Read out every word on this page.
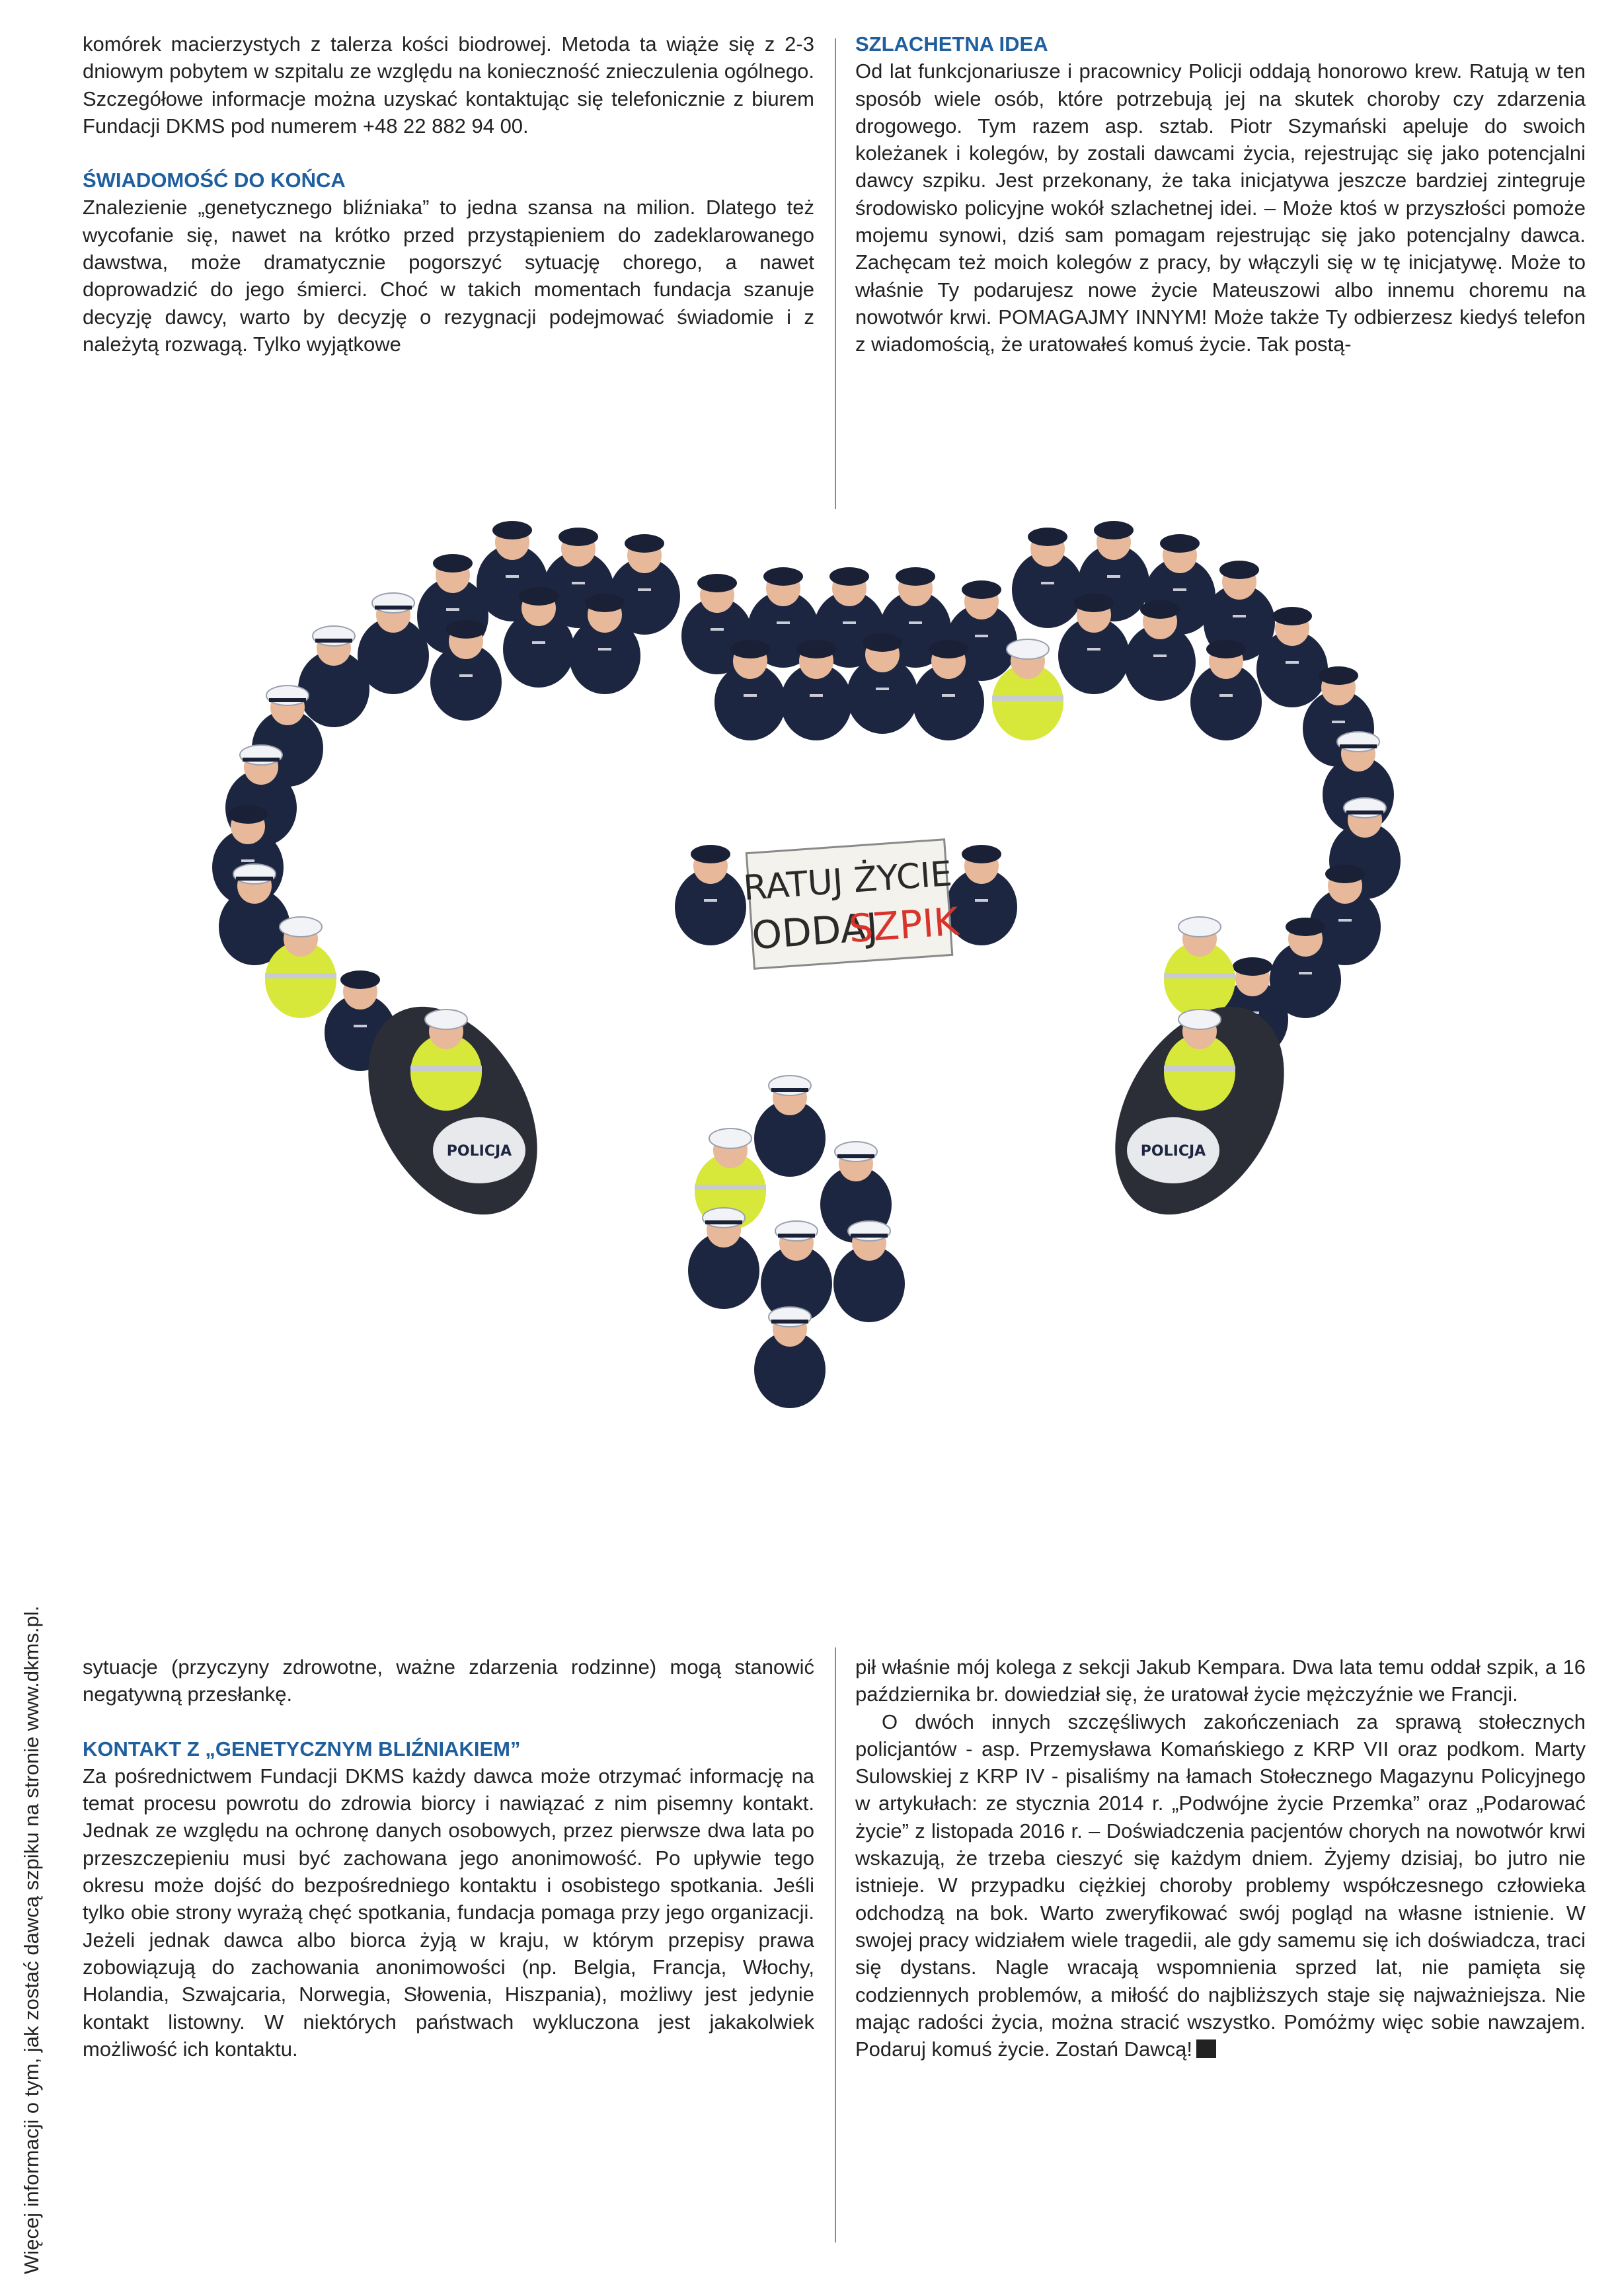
komórek macierzystych z talerza kości biodrowej. Metoda ta wiąże się z 2-3 dniowym pobytem w szpitalu ze względu na konieczność znieczulenia ogólnego. Szczegółowe informacje można uzyskać kontaktując się telefonicznie z biurem Fundacji DKMS pod numerem +48 22 882 94 00.

ŚWIADOMOŚĆ DO KOŃCA

Znalezienie „genetycznego bliźniaka” to jedna szansa na milion. Dlatego też wycofanie się, nawet na krótko przed przystąpieniem do zadeklarowanego dawstwa, może dramatycznie pogorszyć sytuację chorego, a nawet doprowadzić do jego śmierci. Choć w takich momentach fundacja szanuje decyzję dawcy, warto by decyzję o rezygnacji podejmować świadomie i z należytą rozwagą. Tylko wyjątkowe

SZLACHETNA IDEA

Od lat funkcjonariusze i pracownicy Policji oddają honorowo krew. Ratują w ten sposób wiele osób, które potrzebują jej na skutek choroby czy zdarzenia drogowego. Tym razem asp. sztab. Piotr Szymański apeluje do swoich koleżanek i kolegów, by zostali dawcami życia, rejestrując się jako potencjalni dawcy szpiku. Jest przekonany, że taka inicjatywa jeszcze bardziej zintegruje środowisko policyjne wokół szlachetnej idei. – Może ktoś w przyszłości pomoże mojemu synowi, dziś sam pomagam rejestrując się jako potencjalny dawca. Zachęcam też moich kolegów z pracy, by włączyli się w tę inicjatywę. Może to właśnie Ty podarujesz nowe życie Mateuszowi albo innemu choremu na nowotwór krwi. POMAGAJMY INNYM! Może także Ty odbierzesz kiedyś telefon z wiadomością, że uratowałeś komuś życie. Tak postą-

RATUJ ŻYCIE
ODDAJ
SZPIK
POLICJA	POLICJA

sytuacje (przyczyny zdrowotne, ważne zdarzenia rodzinne) mogą stanowić negatywną przesłankę.

KONTAKT Z „GENETYCZNYM BLIŹNIAKIEM”

Za pośrednictwem Fundacji DKMS każdy dawca może otrzymać informację na temat procesu powrotu do zdrowia biorcy i nawiązać z nim pisemny kontakt. Jednak ze względu na ochronę danych osobowych, przez pierwsze dwa lata po przeszczepieniu musi być zachowana jego anonimowość. Po upływie tego okresu może dojść do bezpośredniego kontaktu i osobistego spotkania. Jeśli tylko obie strony wyrażą chęć spotkania, fundacja pomaga przy jego organizacji. Jeżeli jednak dawca albo biorca żyją w kraju, w którym przepisy prawa zobowiązują do zachowania anonimowości (np. Belgia, Francja, Włochy, Holandia, Szwajcaria, Norwegia, Słowenia, Hiszpania), możliwy jest jedynie kontakt listowny. W niektórych państwach wykluczona jest jakakolwiek możliwość ich kontaktu.

pił właśnie mój kolega z sekcji Jakub Kempara. Dwa lata temu oddał szpik, a 16 października br. dowiedział się, że uratował życie mężczyźnie we Francji.

O dwóch innych szczęśliwych zakończeniach za sprawą stołecznych policjantów - asp. Przemysława Komańskiego z KRP VII oraz podkom. Marty Sulowskiej z KRP IV - pisaliśmy na łamach Stołecznego Magazynu Policyjnego w artykułach: ze stycznia 2014 r. „Podwójne życie Przemka” oraz „Podarować życie” z listopada 2016 r. – Doświadczenia pacjentów chorych na nowotwór krwi wskazują, że trzeba cieszyć się każdym dniem. Żyjemy dzisiaj, bo jutro nie istnieje. W przypadku ciężkiej choroby problemy współczesnego człowieka odchodzą na bok. Warto zweryfikować swój pogląd na własne istnienie. W swojej pracy widziałem wiele tragedii, ale gdy samemu się ich doświadcza, traci się dystans. Nagle wracają wspomnienia sprzed lat, nie pamięta się codziennych problemów, a miłość do najbliższych staje się najważniejsza. Nie mając radości życia, można stracić wszystko. Pomóżmy więc sobie nawzajem. Podaruj komuś życie. Zostań Dawcą!

Więcej informacji o tym, jak zostać dawcą szpiku na stronie www.dkms.pl.
